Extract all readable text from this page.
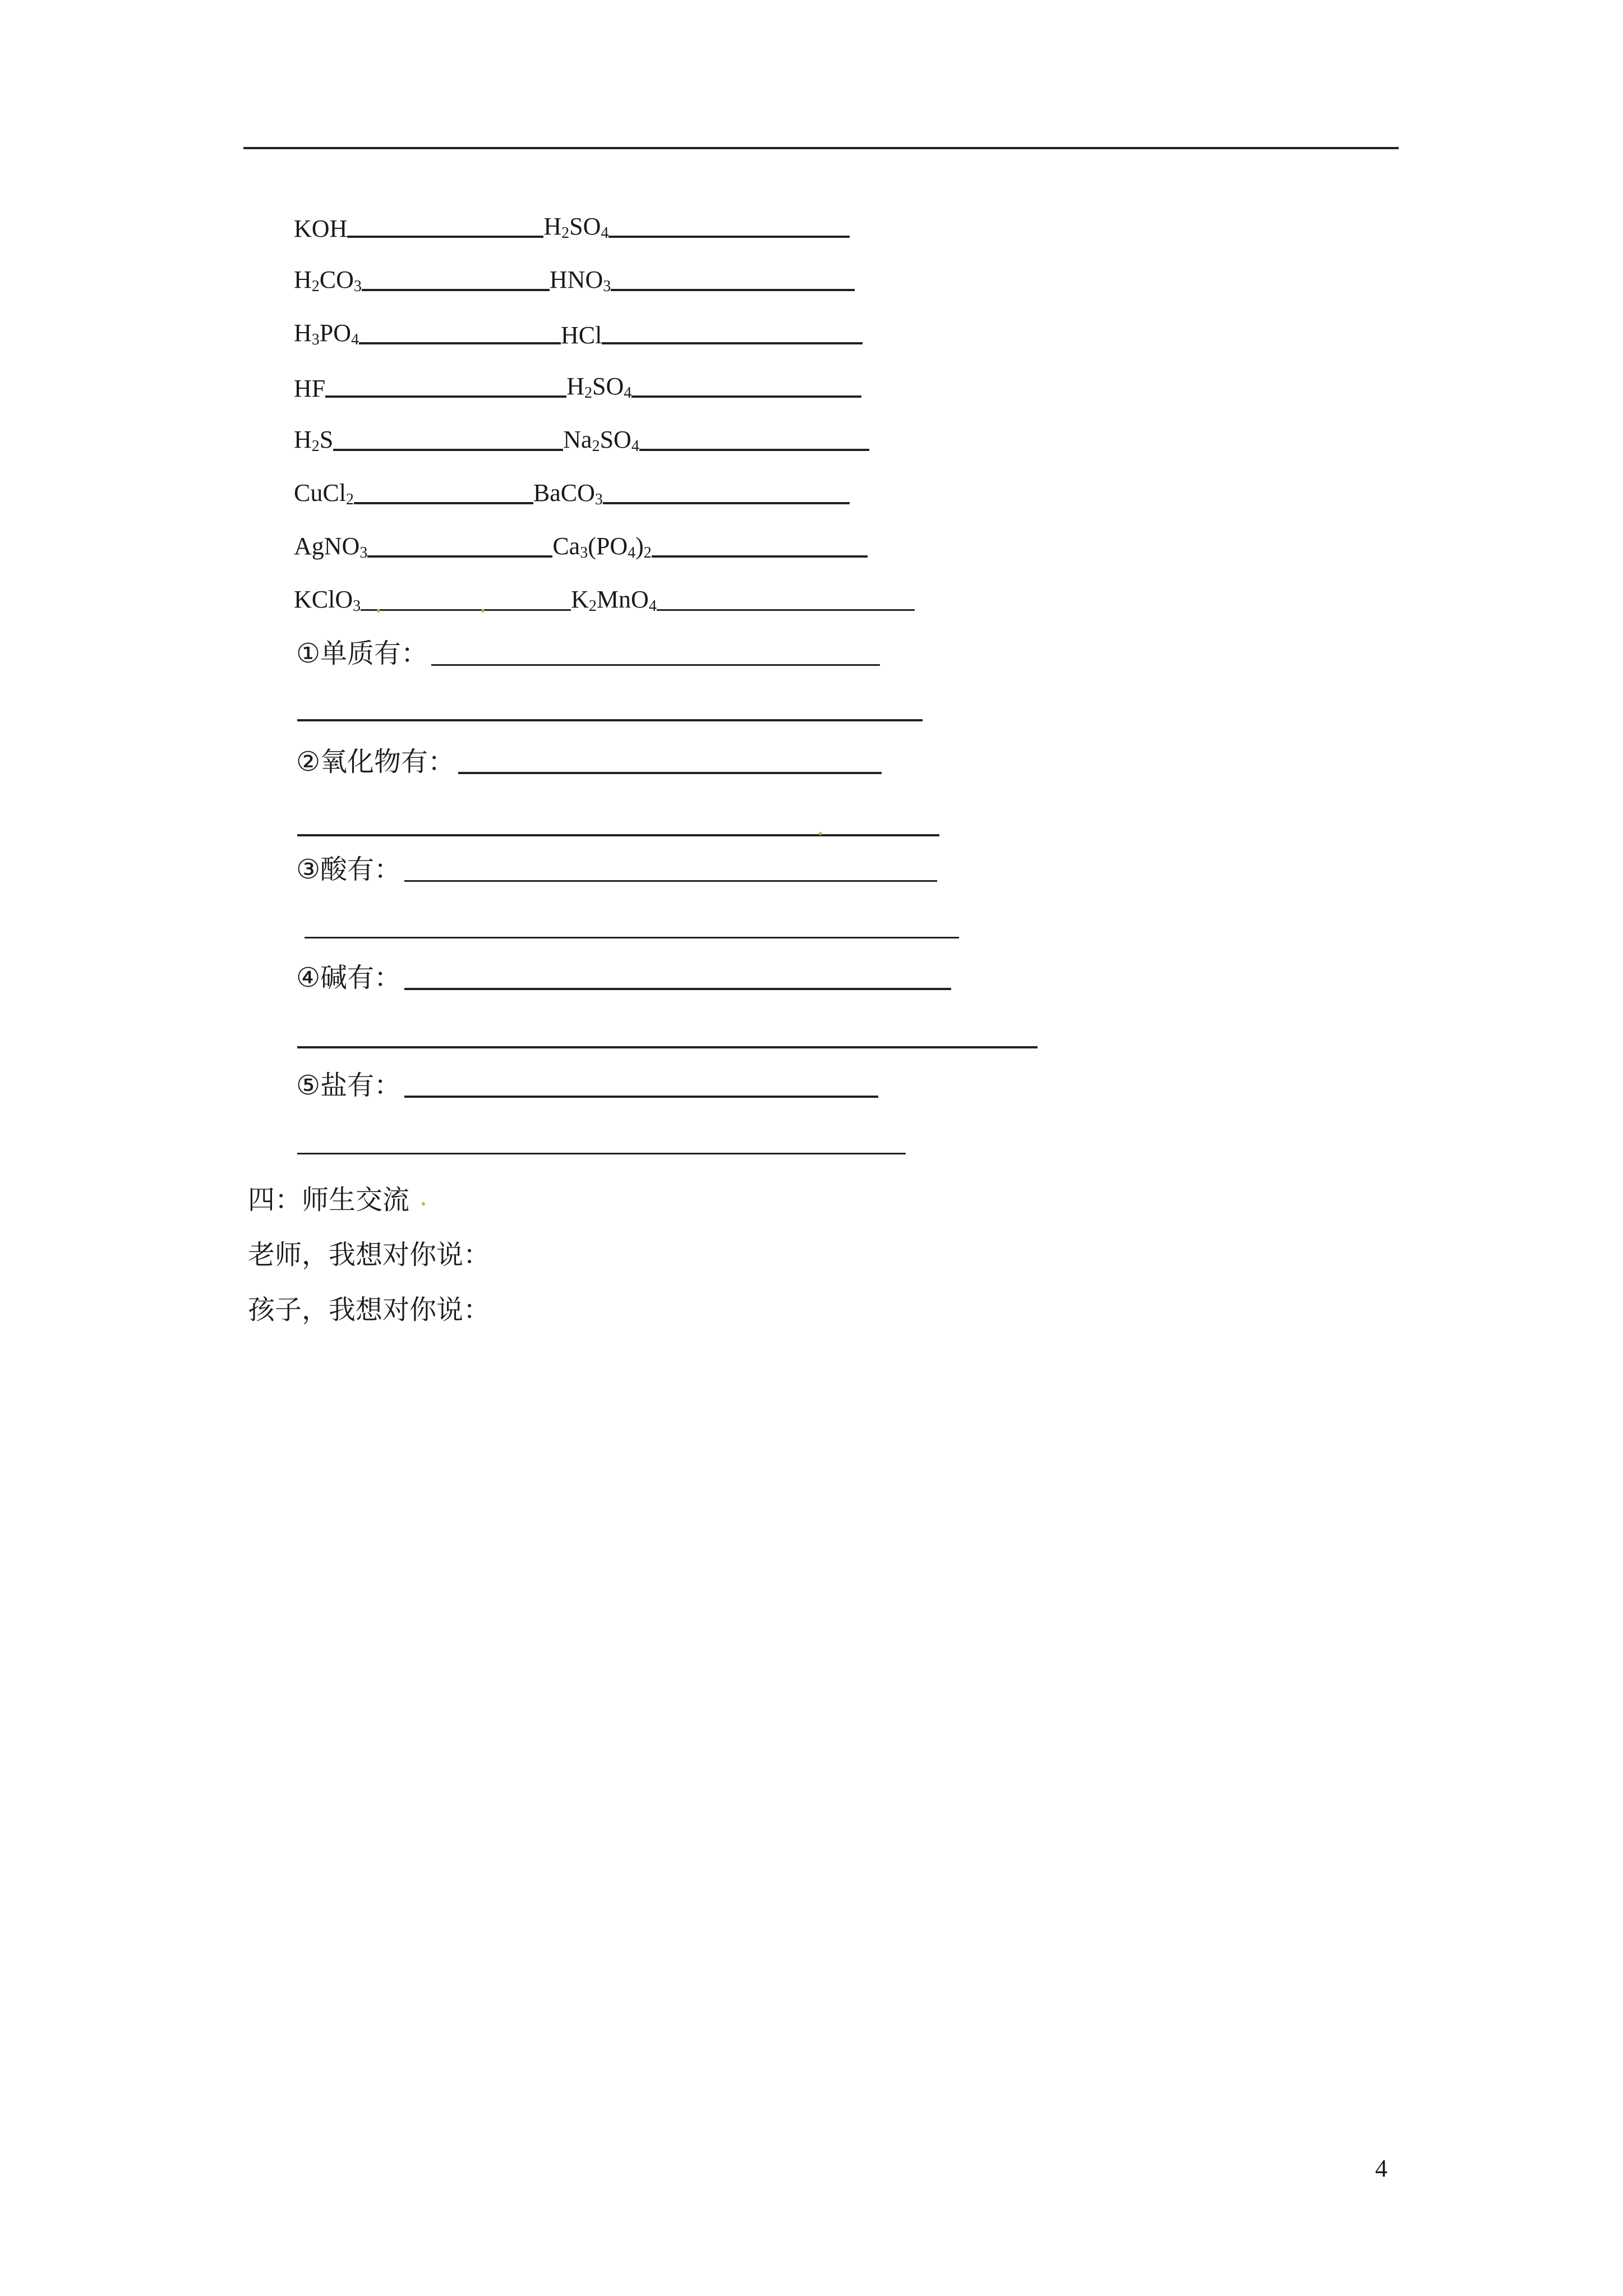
KOH	$H_2SO_4$
$H_2CO_3$	$HNO_3$
$H_3PO_4$	HCl
HF	$H_2SO_4$
$H_2S$	$Na_2SO_4$
CuCl$_2$	BaCO$_3$
AgNO$_3$	$Ca_3(PO_4)_2$
KClO$_3$	$K_2MnO_4$
①单质有：
②氧化物有：
③酸有：
④碱有：
⑤盐有：
四：师生交流
老师，我想对你说：
孩子，我想对你说：
4
